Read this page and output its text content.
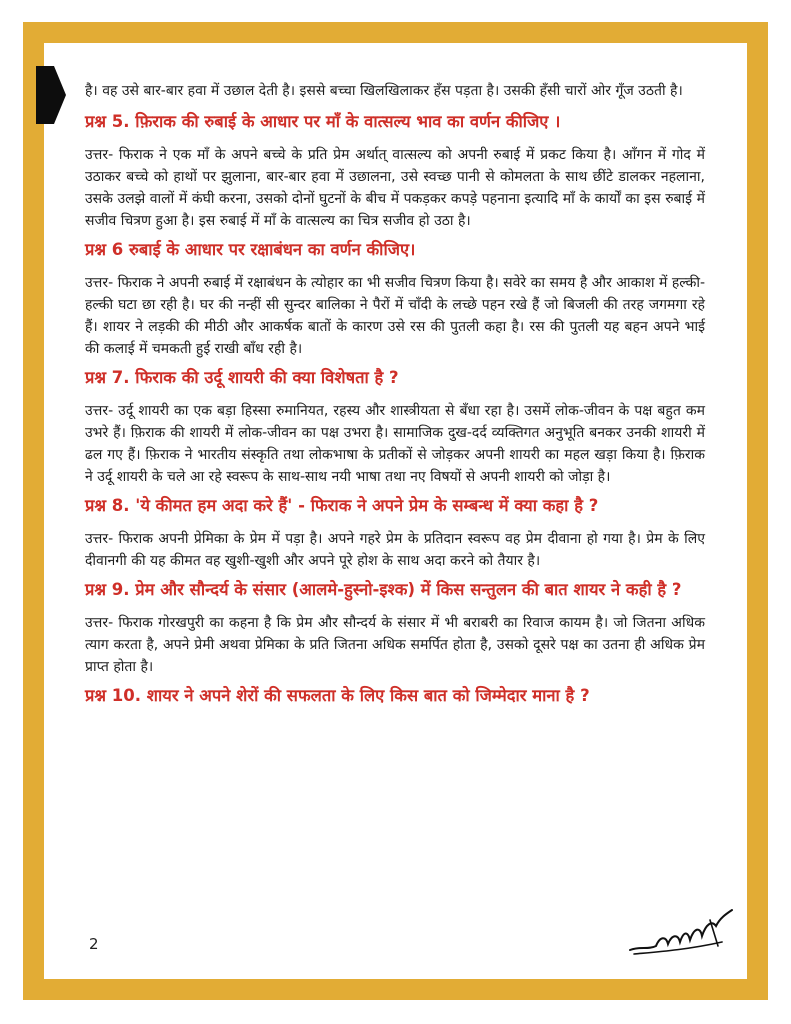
है। वह उसे बार-बार हवा में उछाल देती है। इससे बच्चा खिलखिलाकर हँस पड़ता है। उसकी हँसी चारों ओर गूँज उठती है।

प्रश्न 5. फ़िराक की रुबाई के आधार पर माँ के वात्सल्य भाव का वर्णन कीजिए ।

उत्तर- फिराक ने एक माँ के अपने बच्चे के प्रति प्रेम अर्थात् वात्सल्य को अपनी रुबाई में प्रकट किया है। आँगन में गोद में उठाकर बच्चे को हाथों पर झुलाना, बार-बार हवा में उछालना, उसे स्वच्छ पानी से कोमलता के साथ छींटे डालकर नहलाना, उसके उलझे वालों में कंघी करना, उसको दोनों घुटनों के बीच में पकड़कर कपड़े पहनाना इत्यादि माँ के कार्यों का इस रुबाई में सजीव चित्रण हुआ है। इस रुबाई में माँ के वात्सल्य का चित्र सजीव हो उठा है।

प्रश्न 6 रुबाई के आधार पर रक्षाबंधन का वर्णन कीजिए।

उत्तर- फिराक ने अपनी रुबाई में रक्षाबंधन के त्योहार का भी सजीव चित्रण किया है। सवेरे का समय है और आकाश में हल्की-हल्की घटा छा रही है। घर की नन्हीं सी सुन्दर बालिका ने पैरों में चाँदी के लच्छे पहन रखे हैं जो बिजली की तरह जगमगा रहे हैं। शायर ने लड़की की मीठी और आकर्षक बातों के कारण उसे रस की पुतली कहा है। रस की पुतली यह बहन अपने भाई की कलाई में चमकती हुई राखी बाँध रही है।

प्रश्न 7. फिराक की उर्दू शायरी की क्या विशेषता है ?

उत्तर- उर्दू शायरी का एक बड़ा हिस्सा रुमानियत, रहस्य और शास्त्रीयता से बँधा रहा है। उसमें लोक-जीवन के पक्ष बहुत कम उभरे हैं। फ़िराक की शायरी में लोक-जीवन का पक्ष उभरा है। सामाजिक दुख-दर्द व्यक्तिगत अनुभूति बनकर उनकी शायरी में ढल गए हैं। फ़िराक ने भारतीय संस्कृति तथा लोकभाषा के प्रतीकों से जोड़कर अपनी शायरी का महल खड़ा किया है। फ़िराक ने उर्दू शायरी के चले आ रहे स्वरूप के साथ-साथ नयी भाषा तथा नए विषयों से अपनी शायरी को जोड़ा है।

प्रश्न 8. 'ये कीमत हम अदा करे हैं' - फिराक ने अपने प्रेम के सम्बन्ध में क्या कहा है ?

उत्तर- फिराक अपनी प्रेमिका के प्रेम में पड़ा है। अपने गहरे प्रेम के प्रतिदान स्वरूप वह प्रेम दीवाना हो गया है। प्रेम के लिए दीवानगी की यह कीमत वह खुशी-खुशी और अपने पूरे होश के साथ अदा करने को तैयार है।

प्रश्न 9. प्रेम और सौन्दर्य के संसार (आलमे-हुस्नो-इश्क) में किस सन्तुलन की बात शायर ने कही है ?

उत्तर- फिराक गोरखपुरी का कहना है कि प्रेम और सौन्दर्य के संसार में भी बराबरी का रिवाज कायम है। जो जितना अधिक त्याग करता है, अपने प्रेमी अथवा प्रेमिका के प्रति जितना अधिक समर्पित होता है, उसको दूसरे पक्ष का उतना ही अधिक प्रेम प्राप्त होता है।

प्रश्न 10. शायर ने अपने शेरों की सफलता के लिए किस बात को जिम्मेदार माना है ?

2
